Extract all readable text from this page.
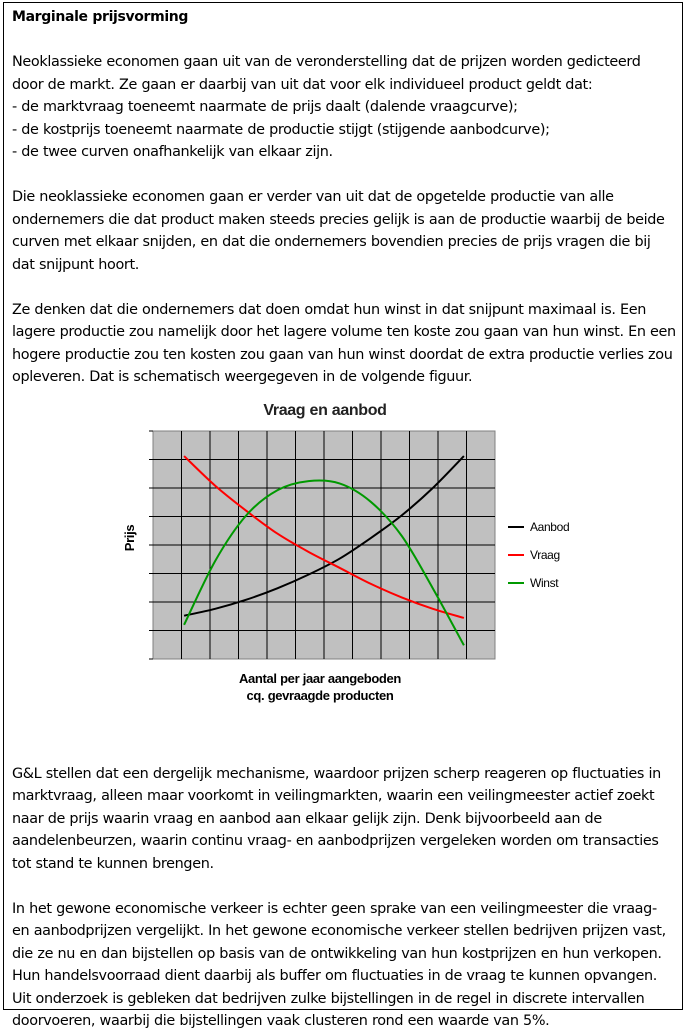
Marginale prijsvorming

Neoklassieke economen gaan uit van de veronderstelling dat de prijzen worden gedicteerd door de markt. Ze gaan er daarbij van uit dat voor elk individueel product geldt dat:

- de marktvraag toeneemt naarmate de prijs daalt (dalende vraagcurve);

- de kostprijs toeneemt naarmate de productie stijgt (stijgende aanbodcurve);

- de twee curven onafhankelijk van elkaar zijn.

Die neoklassieke economen gaan er verder van uit dat de opgetelde productie van alle ondernemers die dat product maken steeds precies gelijk is aan de productie waarbij de beide curven met elkaar snijden, en dat die ondernemers bovendien precies de prijs vragen die bij dat snijpunt hoort.

Ze denken dat die ondernemers dat doen omdat hun winst in dat snijpunt maximaal is. Een lagere productie zou namelijk door het lagere volume ten koste zou gaan van hun winst. En een hogere productie zou ten kosten zou gaan van hun winst doordat de extra productie verlies zou opleveren. Dat is schematisch weergegeven in de volgende figuur.

Vraag en aanbod
Prijs
Aantal per jaar aangeboden
cq. gevraagde producten
Aanbod
Vraag
Winst

G&L stellen dat een dergelijk mechanisme, waardoor prijzen scherp reageren op fluctuaties in marktvraag, alleen maar voorkomt in veilingmarkten, waarin een veilingmeester actief zoekt naar de prijs waarin vraag en aanbod aan elkaar gelijk zijn. Denk bijvoorbeeld aan de aandelenbeurzen, waarin continu vraag- en aanbodprijzen vergeleken worden om transacties tot stand te kunnen brengen.

In het gewone economische verkeer is echter geen sprake van een veilingmeester die vraag- en aanbodprijzen vergelijkt. In het gewone economische verkeer stellen bedrijven prijzen vast, die ze nu en dan bijstellen op basis van de ontwikkeling van hun kostprijzen en hun verkopen. Hun handelsvoorraad dient daarbij als buffer om fluctuaties in de vraag te kunnen opvangen. Uit onderzoek is gebleken dat bedrijven zulke bijstellingen in de regel in discrete intervallen doorvoeren, waarbij die bijstellingen vaak clusteren rond een waarde van 5%.
